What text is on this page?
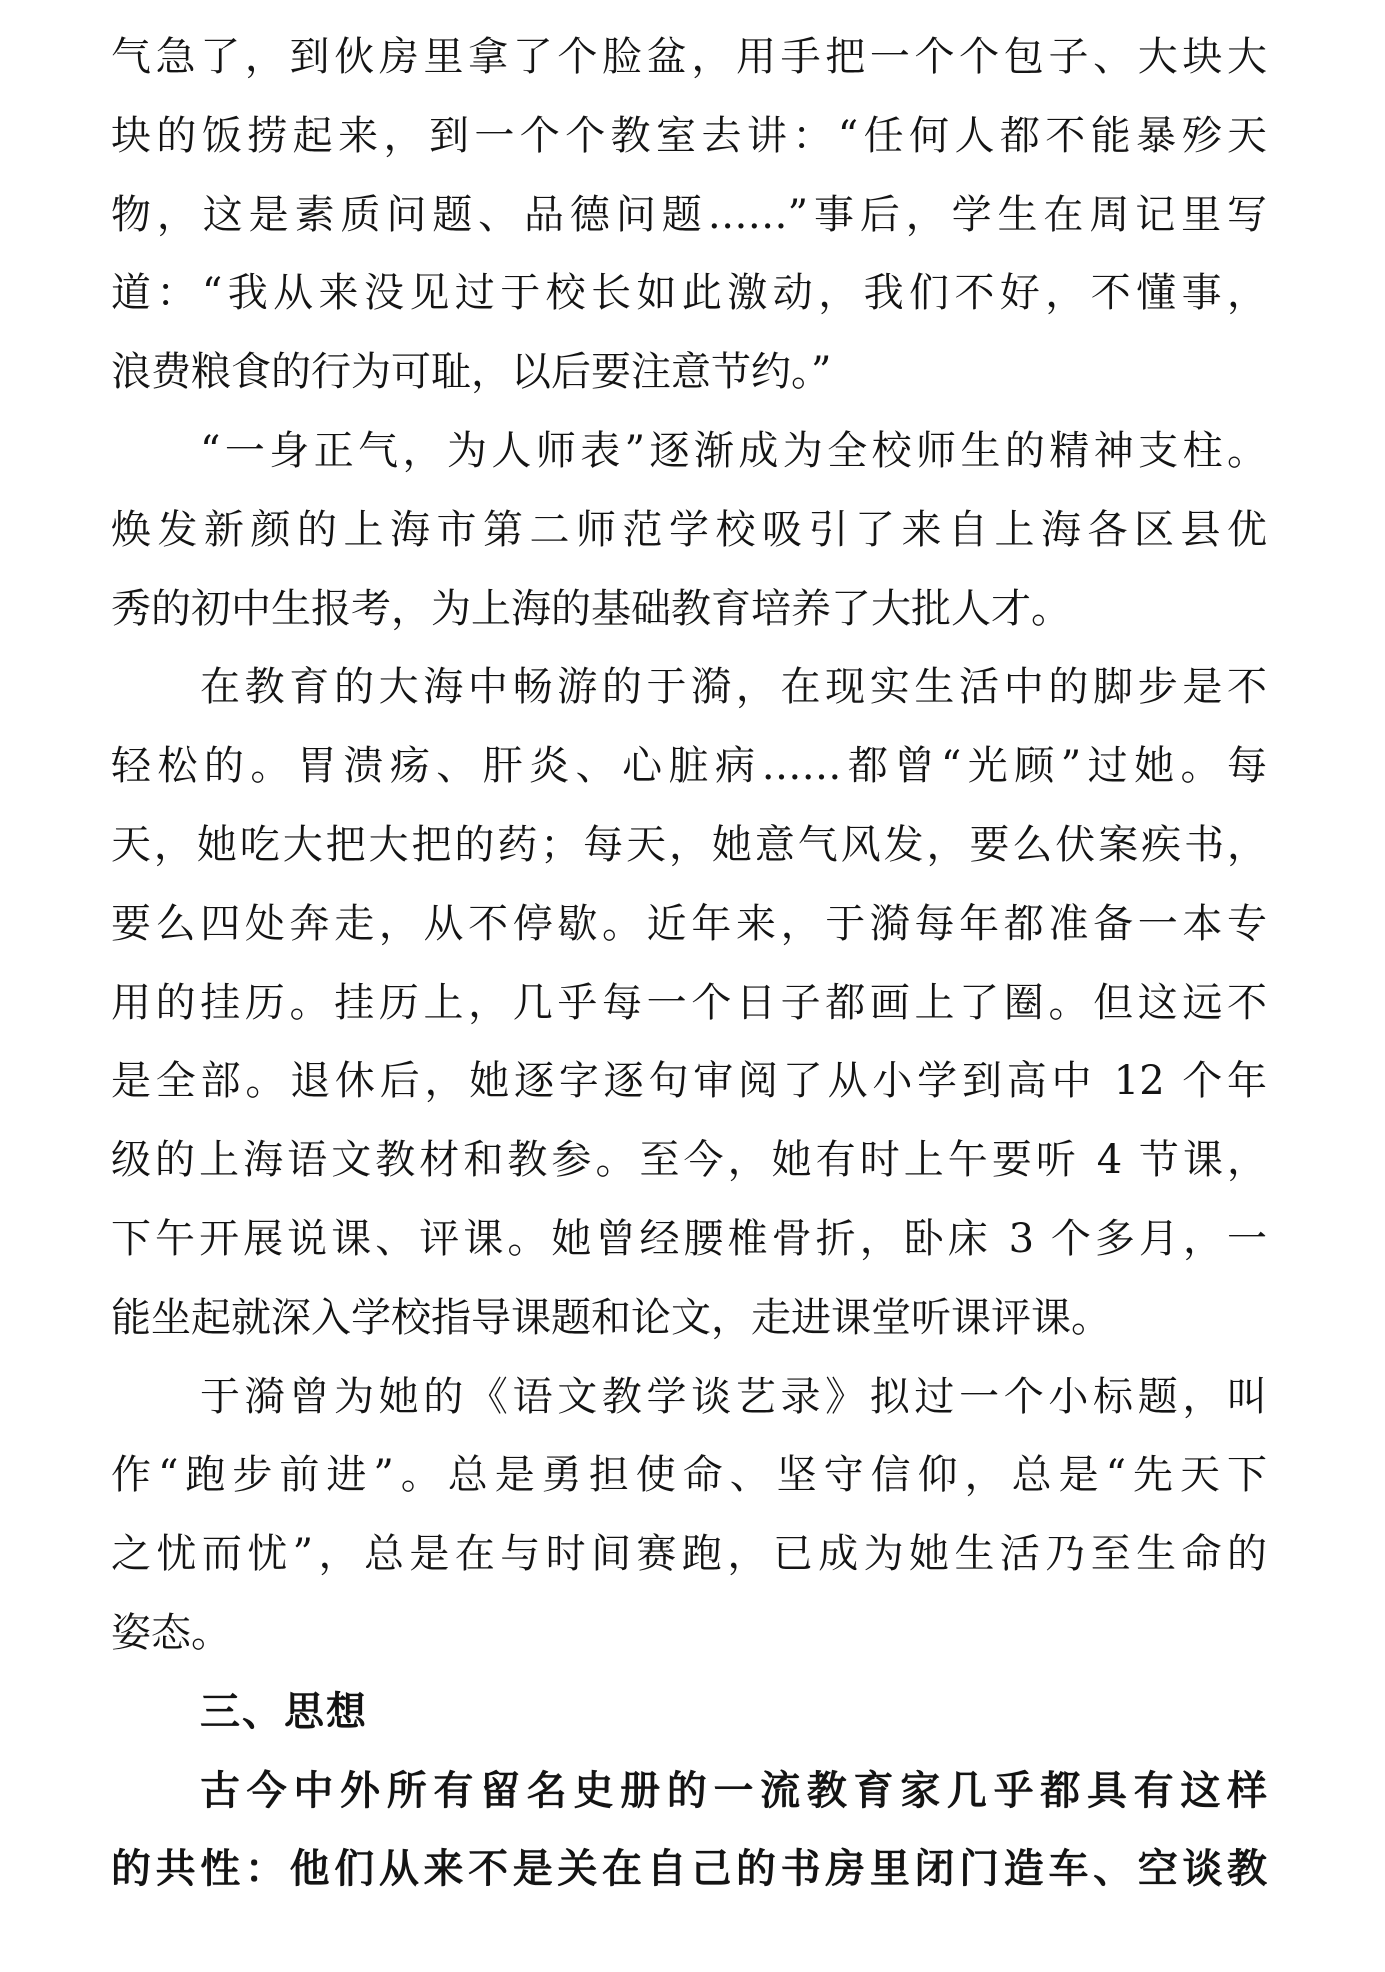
气急了，到伙房里拿了个脸盆，用手把一个个包子、大块大
块的饭捞起来，到一个个教室去讲：“任何人都不能暴殄天
物，这是素质问题、品德问题……”事后，学生在周记里写
道：“我从来没见过于校长如此激动，我们不好，不懂事，
浪费粮食的行为可耻，以后要注意节约。”
“一身正气，为人师表”逐渐成为全校师生的精神支柱。
焕发新颜的上海市第二师范学校吸引了来自上海各区县优
秀的初中生报考，为上海的基础教育培养了大批人才。
在教育的大海中畅游的于漪，在现实生活中的脚步是不
轻松的。胃溃疡、肝炎、心脏病……都曾“光顾”过她。每
天，她吃大把大把的药；每天，她意气风发，要么伏案疾书，
要么四处奔走，从不停歇。近年来，于漪每年都准备一本专
用的挂历。挂历上，几乎每一个日子都画上了圈。但这远不
是全部。退休后，她逐字逐句审阅了从小学到高中 12 个年
级的上海语文教材和教参。至今，她有时上午要听 4 节课，
下午开展说课、评课。她曾经腰椎骨折，卧床 3 个多月，一
能坐起就深入学校指导课题和论文，走进课堂听课评课。
于漪曾为她的《语文教学谈艺录》拟过一个小标题，叫
作“跑步前进”。总是勇担使命、坚守信仰，总是“先天下
之忧而忧”，总是在与时间赛跑，已成为她生活乃至生命的
姿态。
三、思想
古今中外所有留名史册的一流教育家几乎都具有这样
的共性：他们从来不是关在自己的书房里闭门造车、空谈教
